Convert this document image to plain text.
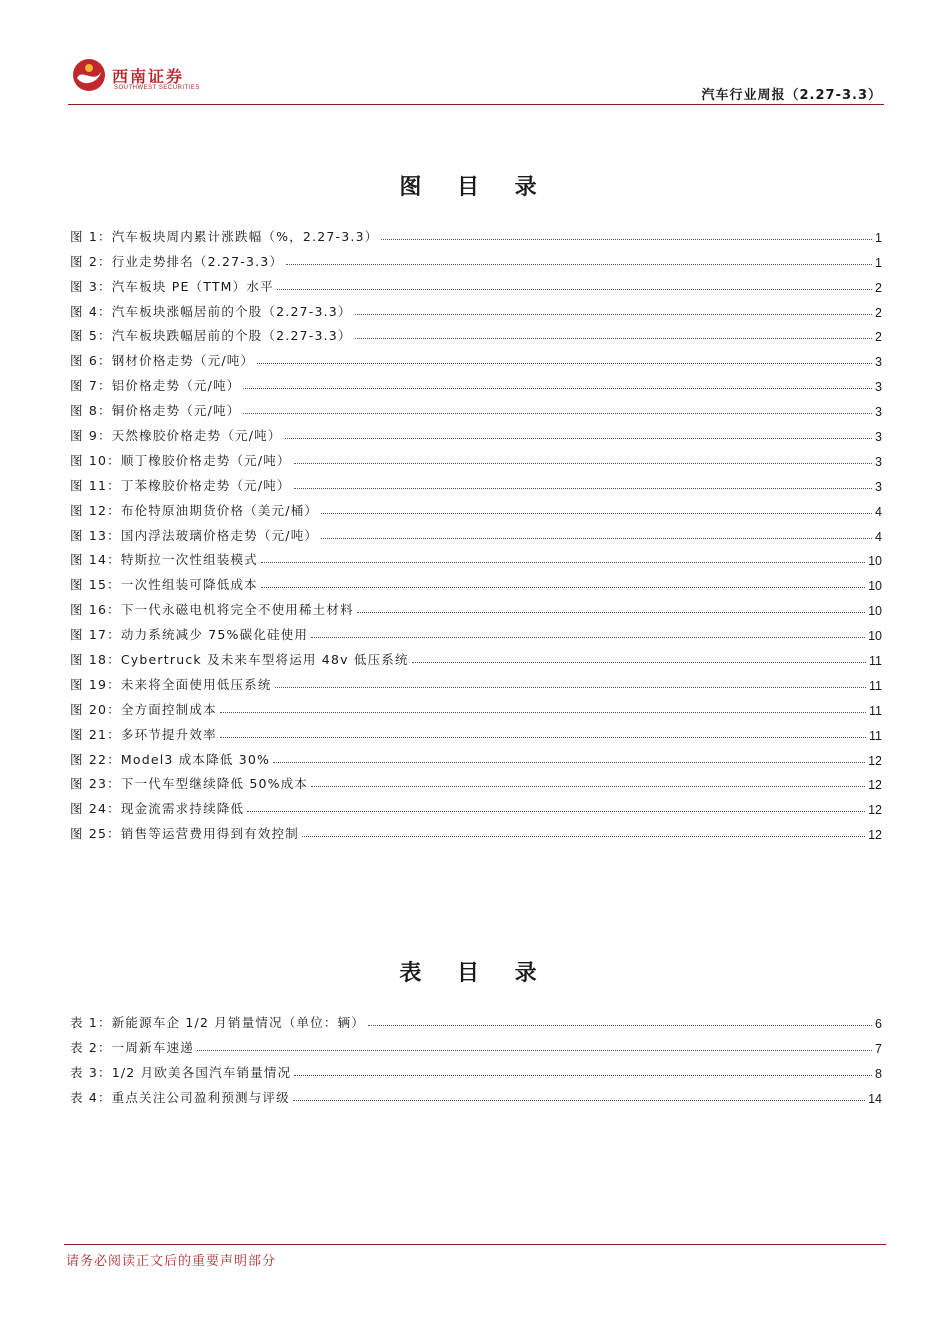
西南证券
SOUTHWEST SECURITIES	汽车行业周报（2.27-3.3）
图 目 录
图 1：汽车板块周内累计涨跌幅（%，2.27-3.3）	1
图 2：行业走势排名（2.27-3.3）	1
图 3：汽车板块 PE（TTM）水平	2
图 4：汽车板块涨幅居前的个股（2.27-3.3）	2
图 5：汽车板块跌幅居前的个股（2.27-3.3）	2
图 6：钢材价格走势（元/吨）	3
图 7：铝价格走势（元/吨）	3
图 8：铜价格走势（元/吨）	3
图 9：天然橡胶价格走势（元/吨）	3
图 10：顺丁橡胶价格走势（元/吨）	3
图 11：丁苯橡胶价格走势（元/吨）	3
图 12：布伦特原油期货价格（美元/桶）	4
图 13：国内浮法玻璃价格走势（元/吨）	4
图 14：特斯拉一次性组装模式	10
图 15：一次性组装可降低成本	10
图 16：下一代永磁电机将完全不使用稀土材料	10
图 17：动力系统减少 75%碳化硅使用	10
图 18：Cybertruck 及未来车型将运用 48v 低压系统	11
图 19：未来将全面使用低压系统	11
图 20：全方面控制成本	11
图 21：多环节提升效率	11
图 22：Model3 成本降低 30%	12
图 23：下一代车型继续降低 50%成本	12
图 24：现金流需求持续降低	12
图 25：销售等运营费用得到有效控制	12
表 目 录
表 1：新能源车企 1/2 月销量情况（单位：辆）	6
表 2：一周新车速递	7
表 3：1/2 月欧美各国汽车销量情况	8
表 4：重点关注公司盈利预测与评级	14
请务必阅读正文后的重要声明部分
